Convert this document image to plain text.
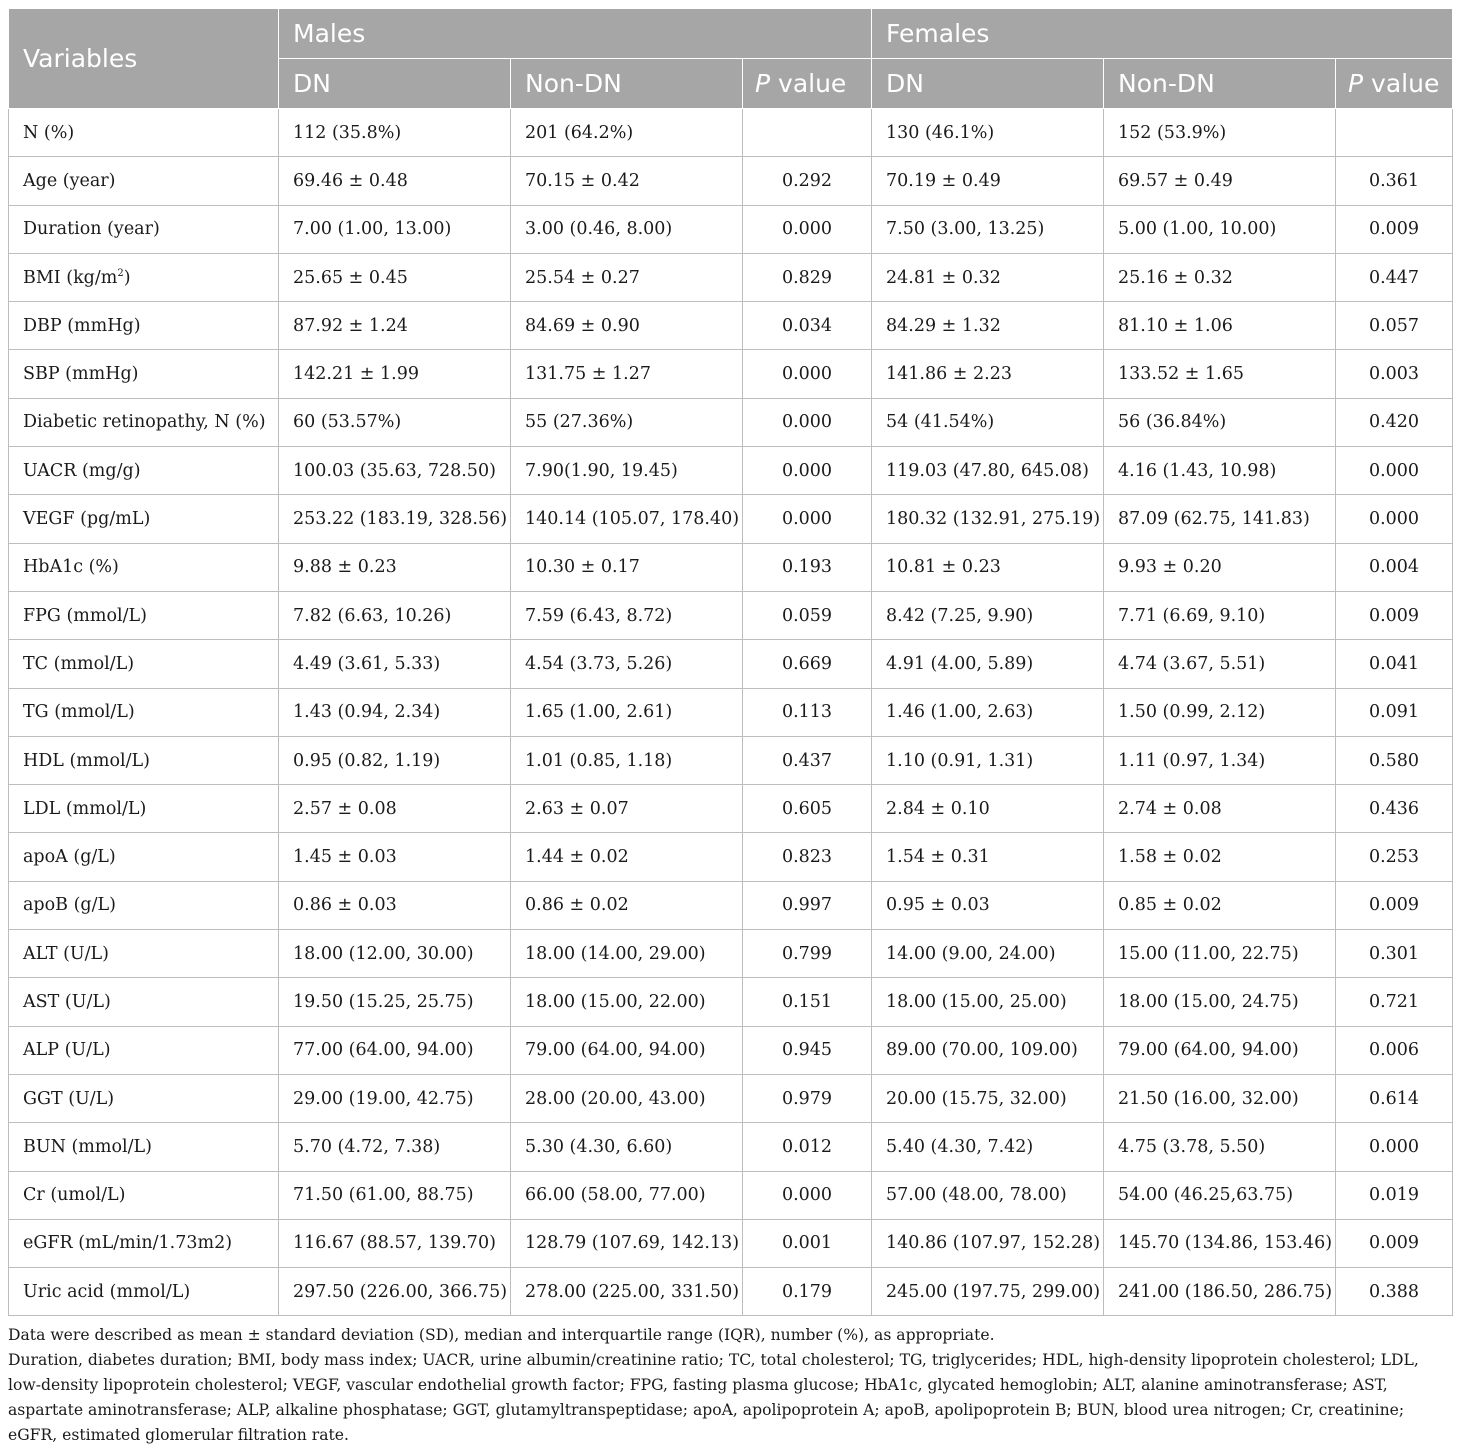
Variables	Males			Females		
	DN	Non-DN	P value	DN	Non-DN	P value
N (%)	112 (35.8%)	201 (64.2%)		130 (46.1%)	152 (53.9%)	
Age (year)	69.46 ± 0.48	70.15 ± 0.42	0.292	70.19 ± 0.49	69.57 ± 0.49	0.361
Duration (year)	7.00 (1.00, 13.00)	3.00 (0.46, 8.00)	0.000	7.50 (3.00, 13.25)	5.00 (1.00, 10.00)	0.009
BMI $(kg/m^2)$	25.65 ± 0.45	25.54 ± 0.27	0.829	24.81 ± 0.32	25.16 ± 0.32	0.447
DBP (mmHg)	87.92 ± 1.24	84.69 ± 0.90	0.034	84.29 ± 1.32	81.10 ± 1.06	0.057
SBP (mmHg)	142.21 ± 1.99	131.75 ± 1.27	0.000	141.86 ± 2.23	133.52 ± 1.65	0.003
Diabetic retinopathy, N (%)	60 (53.57%)	55 (27.36%)	0.000	54 (41.54%)	56 (36.84%)	0.420
UACR (mg/g)	100.03 (35.63, 728.50)	7.90(1.90, 19.45)	0.000	119.03 (47.80, 645.08)	4.16 (1.43, 10.98)	0.000
VEGF (pg/mL)	253.22 (183.19, 328.56)	140.14 (105.07, 178.40)	0.000	180.32 (132.91, 275.19)	87.09 (62.75, 141.83)	0.000
HbA1c (%)	9.88 ± 0.23	10.30 ± 0.17	0.193	10.81 ± 0.23	9.93 ± 0.20	0.004
FPG (mmol/L)	7.82 (6.63, 10.26)	7.59 (6.43, 8.72)	0.059	8.42 (7.25, 9.90)	7.71 (6.69, 9.10)	0.009
TC (mmol/L)	4.49 (3.61, 5.33)	4.54 (3.73, 5.26)	0.669	4.91 (4.00, 5.89)	4.74 (3.67, 5.51)	0.041
TG (mmol/L)	1.43 (0.94, 2.34)	1.65 (1.00, 2.61)	0.113	1.46 (1.00, 2.63)	1.50 (0.99, 2.12)	0.091
HDL (mmol/L)	0.95 (0.82, 1.19)	1.01 (0.85, 1.18)	0.437	1.10 (0.91, 1.31)	1.11 (0.97, 1.34)	0.580
LDL (mmol/L)	2.57 ± 0.08	2.63 ± 0.07	0.605	2.84 ± 0.10	2.74 ± 0.08	0.436
apoA (g/L)	1.45 ± 0.03	1.44 ± 0.02	0.823	1.54 ± 0.31	1.58 ± 0.02	0.253
apoB (g/L)	0.86 ± 0.03	0.86 ± 0.02	0.997	0.95 ± 0.03	0.85 ± 0.02	0.009
ALT (U/L)	18.00 (12.00, 30.00)	18.00 (14.00, 29.00)	0.799	14.00 (9.00, 24.00)	15.00 (11.00, 22.75)	0.301
AST (U/L)	19.50 (15.25, 25.75)	18.00 (15.00, 22.00)	0.151	18.00 (15.00, 25.00)	18.00 (15.00, 24.75)	0.721
ALP (U/L)	77.00 (64.00, 94.00)	79.00 (64.00, 94.00)	0.945	89.00 (70.00, 109.00)	79.00 (64.00, 94.00)	0.006
GGT (U/L)	29.00 (19.00, 42.75)	28.00 (20.00, 43.00)	0.979	20.00 (15.75, 32.00)	21.50 (16.00, 32.00)	0.614
BUN (mmol/L)	5.70 (4.72, 7.38)	5.30 (4.30, 6.60)	0.012	5.40 (4.30, 7.42)	4.75 (3.78, 5.50)	0.000
Cr (umol/L)	71.50 (61.00, 88.75)	66.00 (58.00, 77.00)	0.000	57.00 (48.00, 78.00)	54.00 (46.25,63.75)	0.019
eGFR (mL/min/1.73m2)	116.67 (88.57, 139.70)	128.79 (107.69, 142.13)	0.001	140.86 (107.97, 152.28)	145.70 (134.86, 153.46)	0.009
Uric acid (mmol/L)	297.50 (226.00, 366.75)	278.00 (225.00, 331.50)	0.179	245.00 (197.75, 299.00)	241.00 (186.50, 286.75)	0.388
Data were described as mean ± standard deviation (SD), median and interquartile range (IQR), number (%), as appropriate.
Duration, diabetes duration; BMI, body mass index; UACR, urine albumin/creatinine ratio; TC, total cholesterol; TG, triglycerides; HDL, high-density lipoprotein cholesterol; LDL, low-density lipoprotein cholesterol; VEGF, vascular endothelial growth factor; FPG, fasting plasma glucose; HbA1c, glycated hemoglobin; ALT, alanine aminotransferase; AST, aspartate aminotransferase; ALP, alkaline phosphatase; GGT, glutamyltranspeptidase; apoA, apolipoprotein A; apoB, apolipoprotein B; BUN, blood urea nitrogen; Cr, creatinine; eGFR, estimated glomerular filtration rate.
